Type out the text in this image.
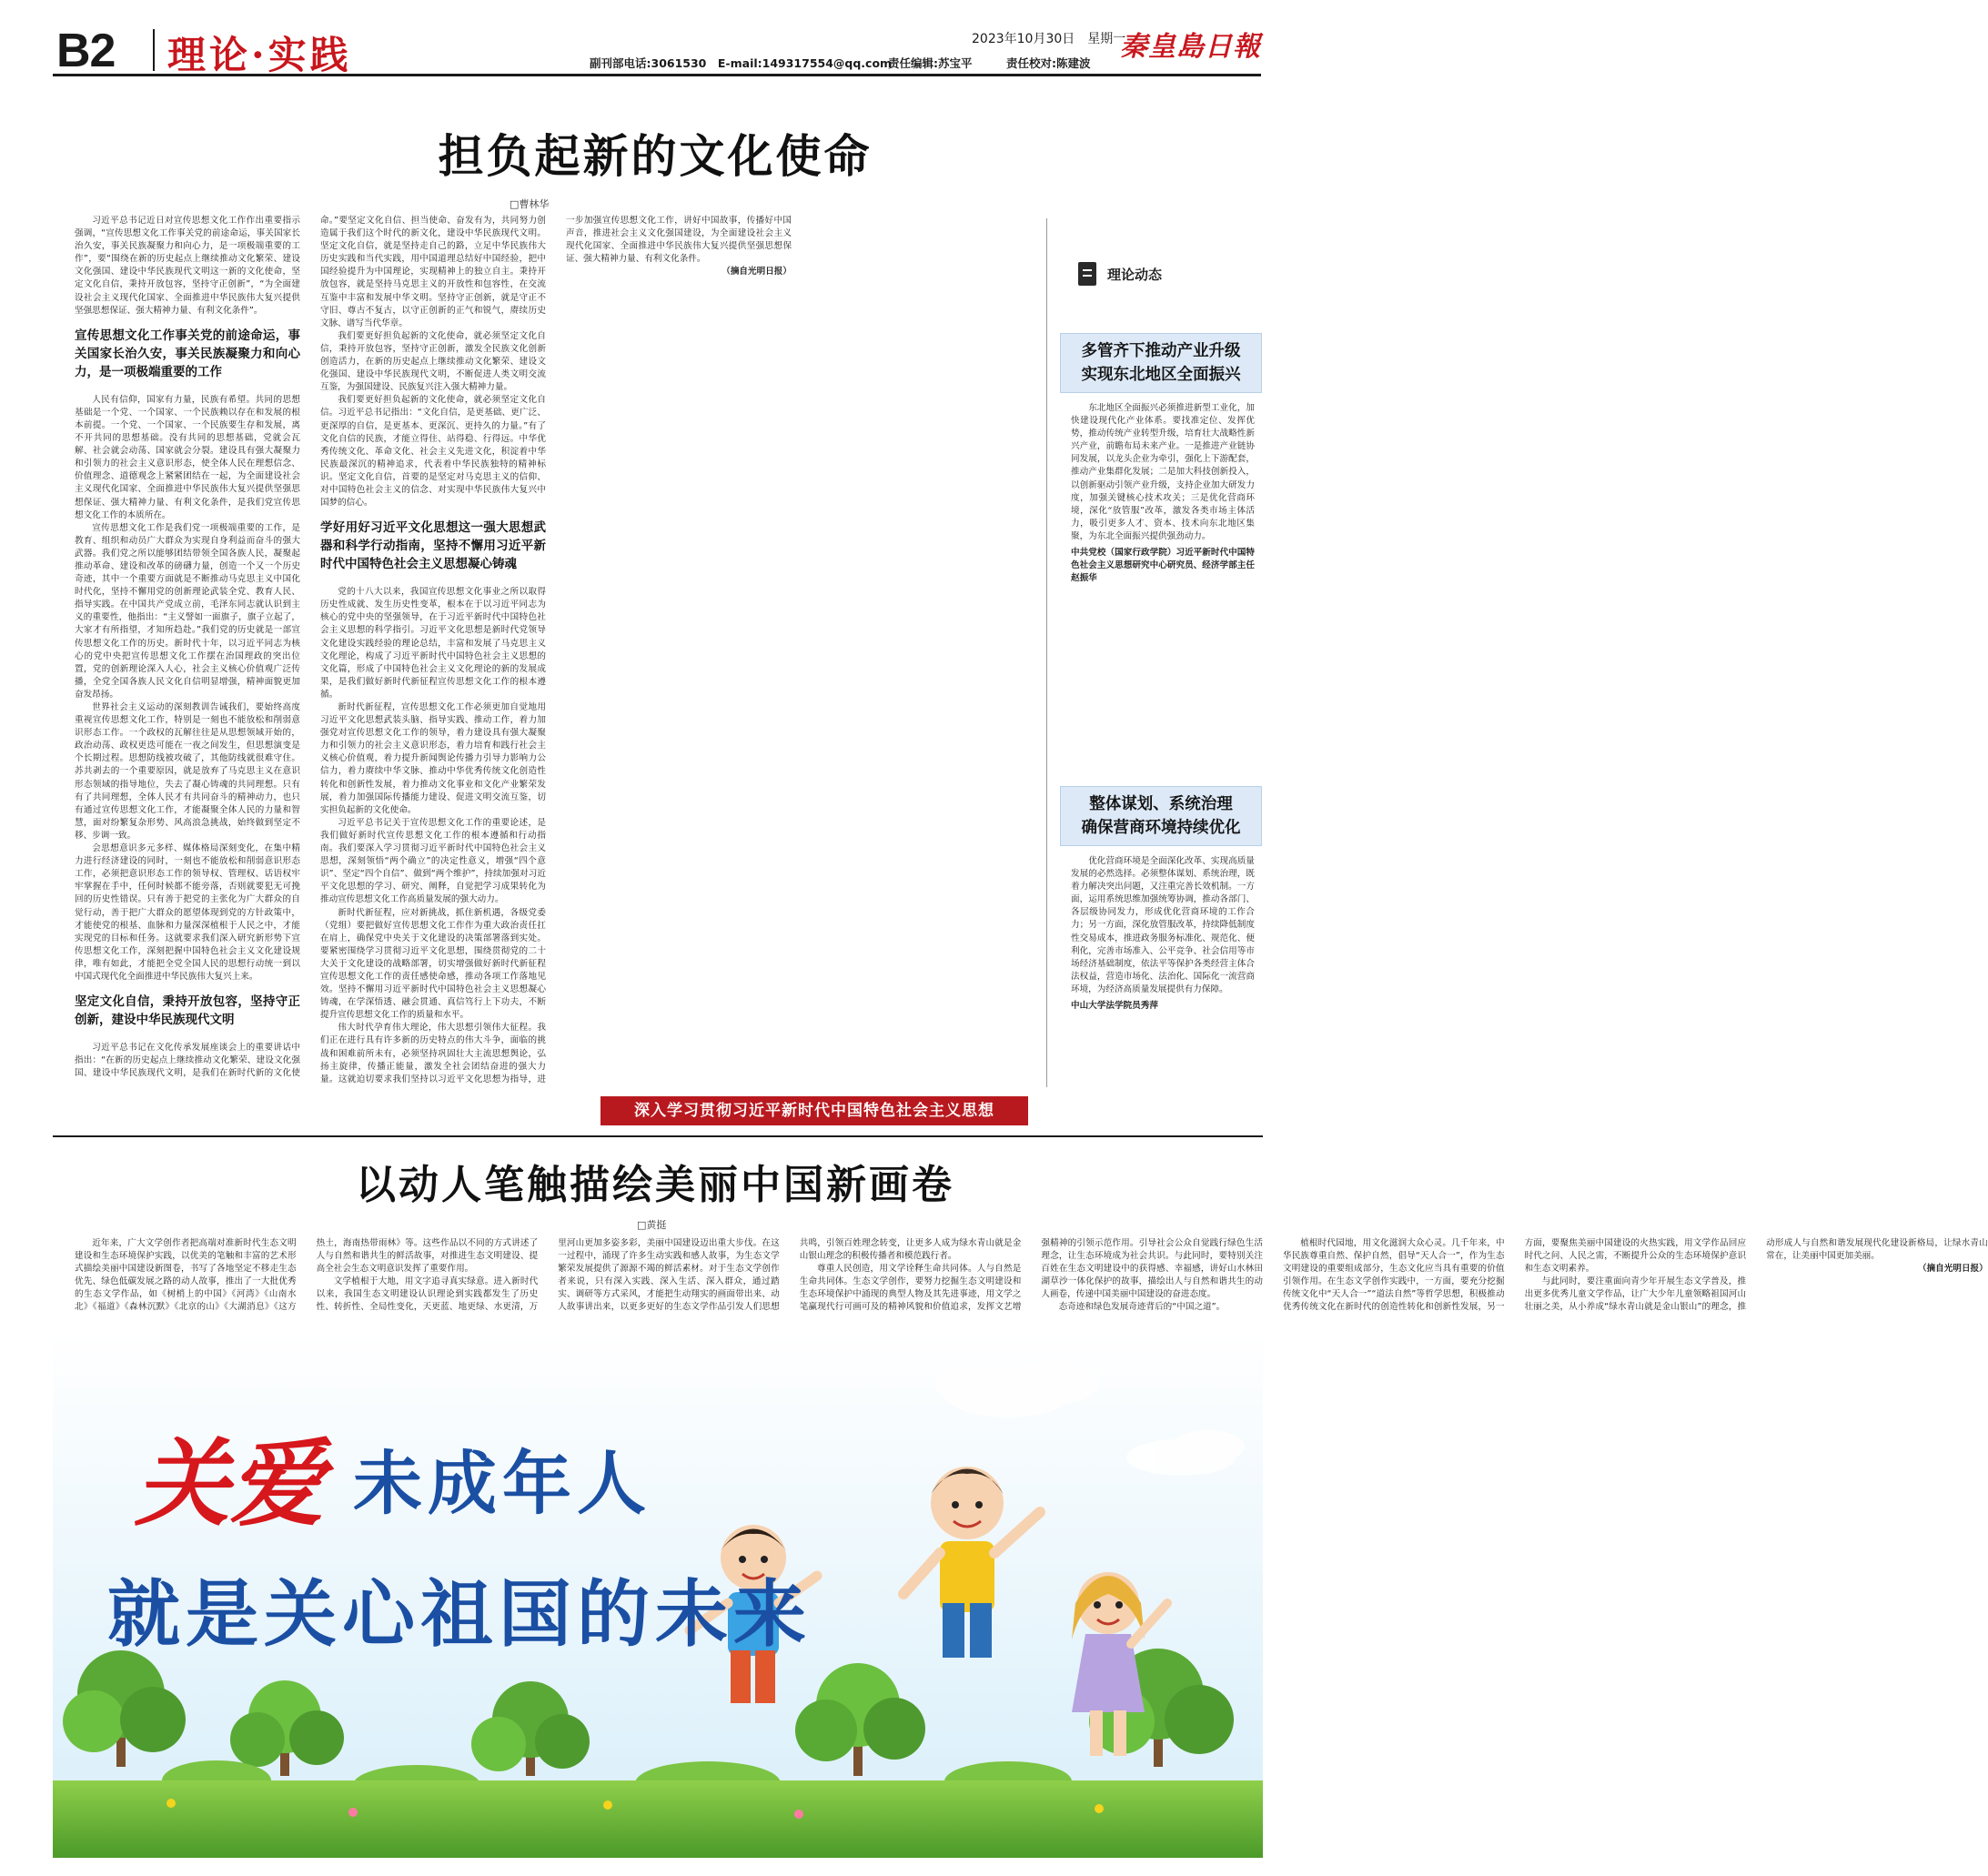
B2 理论·实践	2023年10月30日　星期一
副刊部电话:3061530　E-mail:149317554@qq.com
责任编辑:苏宝平	责任校对:陈建波
秦皇島日報
担负起新的文化使命
□曹林华

习近平总书记近日对宣传思想文化工作作出重要指示强调，“宣传思想文化工作事关党的前途命运，事关国家长治久安，事关民族凝聚力和向心力，是一项极端重要的工作”，要“围绕在新的历史起点上继续推动文化繁荣、建设文化强国、建设中华民族现代文明这一新的文化使命，坚定文化自信，秉持开放包容，坚持守正创新”，“为全面建设社会主义现代化国家、全面推进中华民族伟大复兴提供坚强思想保证、强大精神力量、有利文化条件”。

宣传思想文化工作事关党的前途命运，事关国家长治久安，事关民族凝聚力和向心力，是一项极端重要的工作

人民有信仰，国家有力量，民族有希望。共同的思想基础是一个党、一个国家、一个民族赖以存在和发展的根本前提。一个党、一个国家、一个民族要生存和发展，离不开共同的思想基础。没有共同的思想基础，党就会瓦解、社会就会动荡、国家就会分裂。建设具有强大凝聚力和引领力的社会主义意识形态，使全体人民在理想信念、价值理念、道德观念上紧紧团结在一起，为全面建设社会主义现代化国家、全面推进中华民族伟大复兴提供坚强思想保证、强大精神力量、有利文化条件，是我们党宣传思想文化工作的本质所在。

宣传思想文化工作是我们党一项极端重要的工作，是教育、组织和动员广大群众为实现自身利益而奋斗的强大武器。我们党之所以能够团结带领全国各族人民，凝聚起推动革命、建设和改革的磅礴力量，创造一个又一个历史奇迹，其中一个重要方面就是不断推动马克思主义中国化时代化，坚持不懈用党的创新理论武装全党、教育人民、指导实践。在中国共产党成立前，毛泽东同志就认识到主义的重要性，他指出：“主义譬如一面旗子，旗子立起了，大家才有所指望，才知所趋赴。”我们党的历史就是一部宣传思想文化工作的历史。新时代十年，以习近平同志为核心的党中央把宣传思想文化工作摆在治国理政的突出位置，党的创新理论深入人心，社会主义核心价值观广泛传播，全党全国各族人民文化自信明显增强，精神面貌更加奋发昂扬。

世界社会主义运动的深刻教训告诫我们，要始终高度重视宣传思想文化工作，特别是一刻也不能放松和削弱意识形态工作。一个政权的瓦解往往是从思想领域开始的，政治动荡、政权更迭可能在一夜之间发生，但思想演变是个长期过程。思想防线被攻破了，其他防线就很难守住。苏共剥去的一个重要原因，就是放弃了马克思主义在意识形态领域的指导地位，失去了凝心铸魂的共同理想。只有有了共同理想，全体人民才有共同奋斗的精神动力，也只有通过宣传思想文化工作，才能凝聚全体人民的力量和智慧，面对纷繁复杂形势、风高浪急挑战，始终做到坚定不移、步调一致。

会思想意识多元多样、媒体格局深刻变化，在集中精力进行经济建设的同时，一刻也不能放松和削弱意识形态工作，必须把意识形态工作的领导权、管理权、话语权牢牢掌握在手中，任何时候都不能旁落，否则就要犯无可挽回的历史性错误。只有善于把党的主张化为广大群众的自觉行动，善于把广大群众的愿望体现到党的方针政策中，才能使党的根基、血脉和力量深深植根于人民之中，才能实现党的目标和任务。这就要求我们深入研究新形势下宣传思想文化工作，深刻把握中国特色社会主义文化建设规律，唯有如此，才能把全党全国人民的思想行动统一到以中国式现代化全面推进中华民族伟大复兴上来。

坚定文化自信，秉持开放包容，坚持守正创新，建设中华民族现代文明

习近平总书记在文化传承发展座谈会上的重要讲话中指出：“在新的历史起点上继续推动文化繁荣、建设文化强国、建设中华民族现代文明，是我们在新时代新的文化使命。”要坚定文化自信、担当使命、奋发有为，共同努力创造属于我们这个时代的新文化，建设中华民族现代文明。坚定文化自信，就是坚持走自己的路，立足中华民族伟大历史实践和当代实践，用中国道理总结好中国经验，把中国经验提升为中国理论，实现精神上的独立自主。秉持开放包容，就是坚持马克思主义的开放性和包容性，在交流互鉴中丰富和发展中华文明。坚持守正创新，就是守正不守旧、尊古不复古，以守正创新的正气和锐气，赓续历史文脉、谱写当代华章。

我们要更好担负起新的文化使命，就必须坚定文化自信，秉持开放包容，坚持守正创新，激发全民族文化创新创造活力，在新的历史起点上继续推动文化繁荣、建设文化强国、建设中华民族现代文明，不断促进人类文明交流互鉴，为强国建设、民族复兴注入强大精神力量。

我们要更好担负起新的文化使命，就必须坚定文化自信。习近平总书记指出：“文化自信，是更基础、更广泛、更深厚的自信，是更基本、更深沉、更持久的力量。”有了文化自信的民族，才能立得住、站得稳、行得远。中华优秀传统文化、革命文化、社会主义先进文化，积淀着中华民族最深沉的精神追求，代表着中华民族独特的精神标识。坚定文化自信，首要的是坚定对马克思主义的信仰、对中国特色社会主义的信念、对实现中华民族伟大复兴中国梦的信心。

学好用好习近平文化思想这一强大思想武器和科学行动指南，坚持不懈用习近平新时代中国特色社会主义思想凝心铸魂

党的十八大以来，我国宣传思想文化事业之所以取得历史性成就、发生历史性变革，根本在于以习近平同志为核心的党中央的坚强领导，在于习近平新时代中国特色社会主义思想的科学指引。习近平文化思想是新时代党领导文化建设实践经验的理论总结，丰富和发展了马克思主义文化理论，构成了习近平新时代中国特色社会主义思想的文化篇，形成了中国特色社会主义文化理论的新的发展成果，是我们做好新时代新征程宣传思想文化工作的根本遵循。

新时代新征程，宣传思想文化工作必须更加自觉地用习近平文化思想武装头脑、指导实践、推动工作，着力加强党对宣传思想文化工作的领导，着力建设具有强大凝聚力和引领力的社会主义意识形态，着力培育和践行社会主义核心价值观，着力提升新闻舆论传播力引导力影响力公信力，着力赓续中华文脉、推动中华优秀传统文化创造性转化和创新性发展，着力推动文化事业和文化产业繁荣发展，着力加强国际传播能力建设、促进文明交流互鉴，切实担负起新的文化使命。

习近平总书记关于宣传思想文化工作的重要论述，是我们做好新时代宣传思想文化工作的根本遵循和行动指南。我们要深入学习贯彻习近平新时代中国特色社会主义思想，深刻领悟“两个确立”的决定性意义，增强“四个意识”、坚定“四个自信”、做到“两个维护”，持续加强对习近平文化思想的学习、研究、阐释，自觉把学习成果转化为推动宣传思想文化工作高质量发展的强大动力。

新时代新征程，应对新挑战，抓住新机遇，各级党委（党组）要把做好宣传思想文化工作作为重大政治责任扛在肩上，确保党中央关于文化建设的决策部署落到实处。要紧密围绕学习贯彻习近平文化思想，围绕贯彻党的二十大关于文化建设的战略部署，切实增强做好新时代新征程宣传思想文化工作的责任感使命感，推动各项工作落地见效。坚持不懈用习近平新时代中国特色社会主义思想凝心铸魂，在学深悟透、融会贯通、真信笃行上下功夫，不断提升宣传思想文化工作的质量和水平。

伟大时代孕育伟大理论，伟大思想引领伟大征程。我们正在进行具有许多新的历史特点的伟大斗争，面临的挑战和困难前所未有，必须坚持巩固壮大主流思想舆论，弘扬主旋律，传播正能量，激发全社会团结奋进的强大力量。这就迫切要求我们坚持以习近平文化思想为指导，进一步加强宣传思想文化工作，讲好中国故事，传播好中国声音，推进社会主义文化强国建设，为全面建设社会主义现代化国家、全面推进中华民族伟大复兴提供坚强思想保证、强大精神力量、有利文化条件。

（摘自光明日报）

深入学习贯彻习近平新时代中国特色社会主义思想
理论动态
多管齐下推动产业升级
实现东北地区全面振兴

东北地区全面振兴必须推进新型工业化，加快建设现代化产业体系。要找准定位、发挥优势，推动传统产业转型升级，培育壮大战略性新兴产业，前瞻布局未来产业。一是推进产业链协同发展，以龙头企业为牵引，强化上下游配套，推动产业集群化发展；二是加大科技创新投入，以创新驱动引领产业升级，支持企业加大研发力度，加强关键核心技术攻关；三是优化营商环境，深化“放管服”改革，激发各类市场主体活力，吸引更多人才、资本、技术向东北地区集聚，为东北全面振兴提供强劲动力。

中共党校（国家行政学院）习近平新时代中国特色社会主义思想研究中心研究员、经济学部主任赵振华

整体谋划、系统治理
确保营商环境持续优化

优化营商环境是全面深化改革、实现高质量发展的必然选择。必须整体谋划、系统治理，既着力解决突出问题，又注重完善长效机制。一方面，运用系统思维加强统筹协调，推动各部门、各层级协同发力，形成优化营商环境的工作合力；另一方面，深化放管服改革，持续降低制度性交易成本，推进政务服务标准化、规范化、便利化，完善市场准入、公平竞争、社会信用等市场经济基础制度，依法平等保护各类经营主体合法权益，营造市场化、法治化、国际化一流营商环境，为经济高质量发展提供有力保障。

中山大学法学院员秀萍

以动人笔触描绘美丽中国新画卷
□黄挺

近年来，广大文学创作者把高端对准新时代生态文明建设和生态环境保护实践，以优美的笔触和丰富的艺术形式描绘美丽中国建设新图卷，书写了各地坚定不移走生态优先、绿色低碳发展之路的动人故事，推出了一大批优秀的生态文学作品，如《树梢上的中国》《河湾》《山南水北》《福道》《森林沉默》《北京的山》《大湖消息》《这方热土，海南热带雨林》等。这些作品以不同的方式讲述了人与自然和谐共生的鲜活故事，对推进生态文明建设、提高全社会生态文明意识发挥了重要作用。

文学植根于大地，用文字追寻真实绿意。进入新时代以来，我国生态文明建设认识理论到实践都发生了历史性、转折性、全局性变化，天更蓝、地更绿、水更清，万里河山更加多姿多彩，美丽中国建设迈出重大步伐。在这一过程中，涌现了许多生动实践和感人故事，为生态文学繁荣发展提供了源源不竭的鲜活素材。对于生态文学创作者来说，只有深入实践、深入生活、深入群众，通过踏实、调研等方式采风，才能把生动翔实的画面带出来、动人故事讲出来，以更多更好的生态文学作品引发人们思想共鸣，引领百姓理念转变，让更多人成为绿水青山就是金山银山理念的积极传播者和模范践行者。

尊重人民创造，用文学诠释生命共同体。人与自然是生命共同体。生态文学创作，要努力挖掘生态文明建设和生态环境保护中涌现的典型人物及其先进事迹，用文学之笔赢现代行可画可及的精神风貌和价值追求，发挥文艺增强精神的引领示范作用。引导社会公众自觉践行绿色生活理念，让生态环境成为社会共识。与此同时，要特别关注百姓在生态文明建设中的获得感、幸福感，讲好山水林田湖草沙一体化保护的故事，描绘出人与自然和谐共生的动人画卷，传递中国美丽中国建设的奋进态度。

态奇迹和绿色发展奇迹背后的“中国之道”。

植根时代园地，用文化滋润大众心灵。几千年来，中华民族尊重自然、保护自然，倡导“天人合一”，作为生态文明建设的重要组成部分，生态文化应当具有重要的价值引领作用。在生态文学创作实践中，一方面，要充分挖掘传统文化中“天人合一”“道法自然”等哲学思想，积极推动优秀传统文化在新时代的创造性转化和创新性发展，另一方面，要聚焦美丽中国建设的火热实践，用文学作品回应时代之问、人民之需，不断提升公众的生态环境保护意识和生态文明素养。

与此同时，要注重面向青少年开展生态文学普及，推出更多优秀儿童文学作品，让广大少年儿童领略祖国河山壮丽之美，从小养成“绿水青山就是金山银山”的理念，推动形成人与自然和谐发展现代化建设新格局，让绿水青山常在，让美丽中国更加美丽。

（摘自光明日报）

关爱 未成年人
就是关心祖国的未来
